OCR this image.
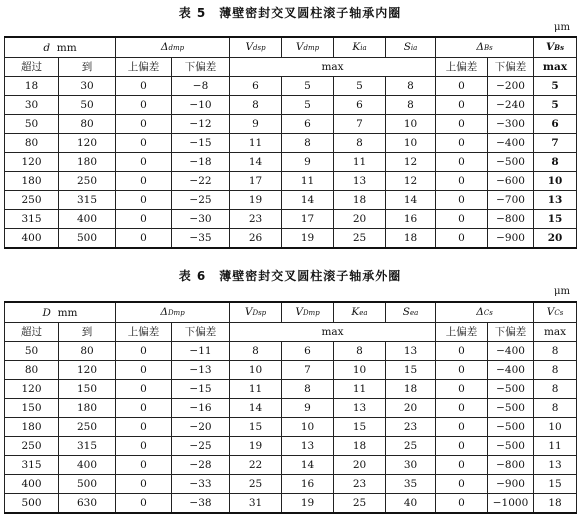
表 5　薄壁密封交叉圆柱滚子轴承内圈
μm
d mm		Δdmp		Vdsp	Vdmp	Kia	Sia	ΔBs		VBs
超过	到	上偏差	下偏差	max				上偏差	下偏差	max
18	30	0	−8	6	5	5	8	0	−200	5
30	50	0	−10	8	5	6	8	0	−240	5
50	80	0	−12	9	6	7	10	0	−300	6
80	120	0	−15	11	8	8	10	0	−400	7
120	180	0	−18	14	9	11	12	0	−500	8
180	250	0	−22	17	11	13	12	0	−600	10
250	315	0	−25	19	14	18	14	0	−700	13
315	400	0	−30	23	17	20	16	0	−800	15
400	500	0	−35	26	19	25	18	0	−900	20
表 6　薄壁密封交叉圆柱滚子轴承外圈
μm
D mm		ΔDmp		VDsp	VDmp	Kea	Sea	ΔCs		VCs
超过	到	上偏差	下偏差	max				上偏差	下偏差	max
50	80	0	−11	8	6	8	13	0	−400	8
80	120	0	−13	10	7	10	15	0	−400	8
120	150	0	−15	11	8	11	18	0	−500	8
150	180	0	−16	14	9	13	20	0	−500	8
180	250	0	−20	15	10	15	23	0	−500	10
250	315	0	−25	19	13	18	25	0	−500	11
315	400	0	−28	22	14	20	30	0	−800	13
400	500	0	−33	25	16	23	35	0	−900	15
500	630	0	−38	31	19	25	40	0	−1000	18
